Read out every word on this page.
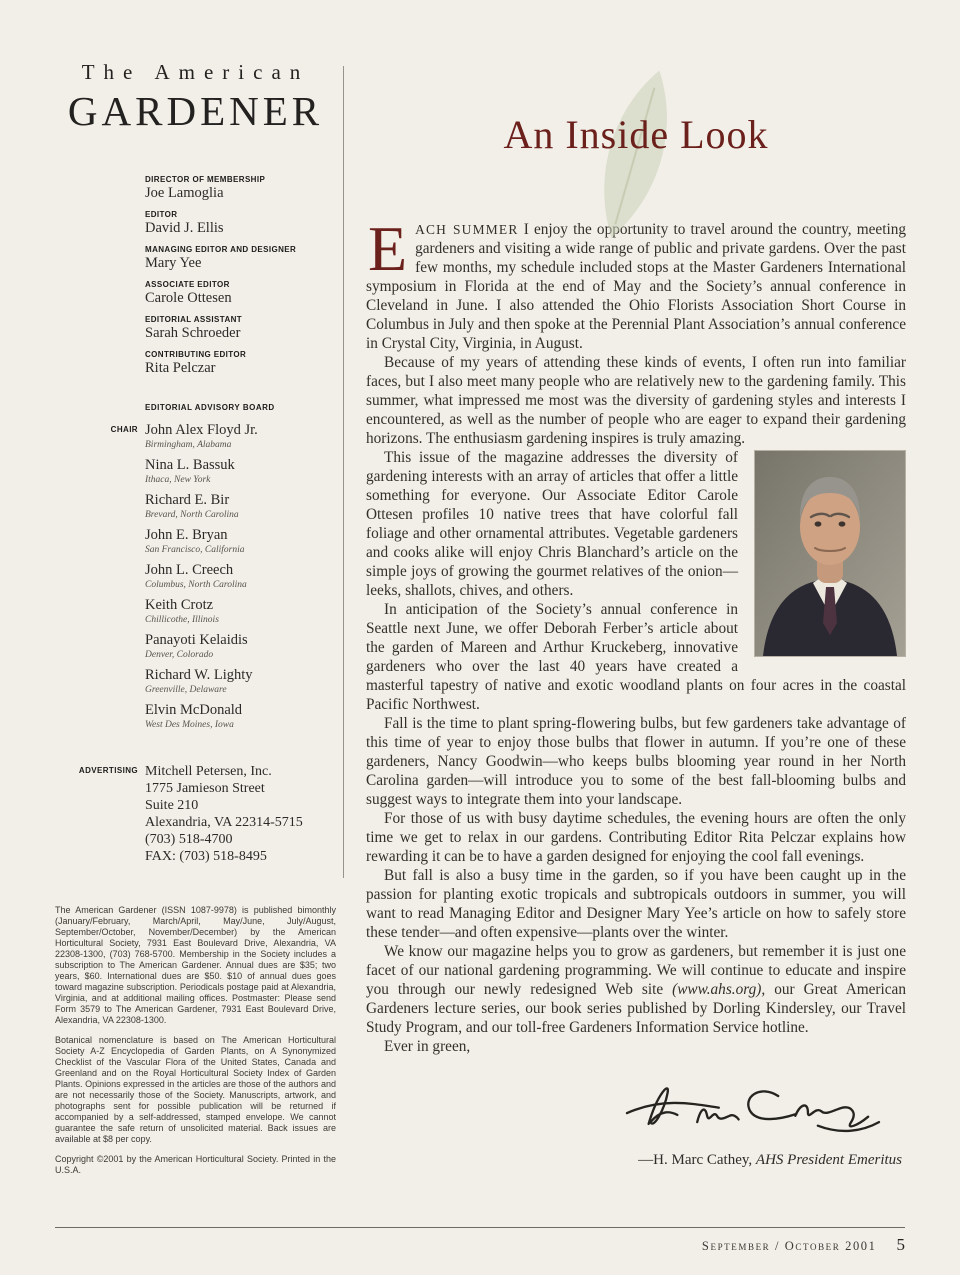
The American
GARDENER
DIRECTOR OF MEMBERSHIP
Joe Lamoglia
EDITOR
David J. Ellis
MANAGING EDITOR AND DESIGNER
Mary Yee
ASSOCIATE EDITOR
Carole Ottesen
EDITORIAL ASSISTANT
Sarah Schroeder
CONTRIBUTING EDITOR
Rita Pelczar
EDITORIAL ADVISORY BOARD
CHAIR John Alex Floyd Jr.
Birmingham, Alabama
Nina L. Bassuk
Ithaca, New York
Richard E. Bir
Brevard, North Carolina
John E. Bryan
San Francisco, California
John L. Creech
Columbus, North Carolina
Keith Crotz
Chillicothe, Illinois
Panayoti Kelaidis
Denver, Colorado
Richard W. Lighty
Greenville, Delaware
Elvin McDonald
West Des Moines, Iowa
ADVERTISING Mitchell Petersen, Inc.
1775 Jamieson Street
Suite 210
Alexandria, VA 22314-5715
(703) 518-4700
FAX: (703) 518-8495

The American Gardener (ISSN 1087-9978) is published bimonthly (January/February, March/April, May/June, July/August, September/October, November/December) by the American Horticultural Society, 7931 East Boulevard Drive, Alexandria, VA 22308-1300, (703) 768-5700. Membership in the Society includes a subscription to The American Gardener. Annual dues are $35; two years, $60. International dues are $50. $10 of annual dues goes toward magazine subscription. Periodicals postage paid at Alexandria, Virginia, and at additional mailing offices. Postmaster: Please send Form 3579 to The American Gardener, 7931 East Boulevard Drive, Alexandria, VA 22308-1300.

Botanical nomenclature is based on The American Horticultural Society A-Z Encyclopedia of Garden Plants, on A Synonymized Checklist of the Vascular Flora of the United States, Canada and Greenland and on the Royal Horticultural Society Index of Garden Plants. Opinions expressed in the articles are those of the authors and are not necessarily those of the Society. Manuscripts, artwork, and photographs sent for possible publication will be returned if accompanied by a self-addressed, stamped envelope. We cannot guarantee the safe return of unsolicited material. Back issues are available at $8 per copy.

Copyright ©2001 by the American Horticultural Society. Printed in the U.S.A.

An Inside Look

E ACH SUMMER I enjoy the opportunity to travel around the country, meeting gardeners and visiting a wide range of public and private gardens. Over the past few months, my schedule included stops at the Master Gardeners International symposium in Florida at the end of May and the Society’s annual conference in Cleveland in June. I also attended the Ohio Florists Association Short Course in Columbus in July and then spoke at the Perennial Plant Association’s annual conference in Crystal City, Virginia, in August.

Because of my years of attending these kinds of events, I often run into familiar faces, but I also meet many people who are relatively new to the gardening family. This summer, what impressed me most was the diversity of gardening styles and interests I encountered, as well as the number of people who are eager to expand their gardening horizons. The enthusiasm gardening inspires is truly amazing.

This issue of the magazine addresses the diversity of gardening interests with an array of articles that offer a little something for everyone. Our Associate Editor Carole Ottesen profiles 10 native trees that have colorful fall foliage and other ornamental attributes. Vegetable gardeners and cooks alike will enjoy Chris Blanchard’s article on the simple joys of growing the gourmet relatives of the onion—leeks, shallots, chives, and others.

In anticipation of the Society’s annual conference in Seattle next June, we offer Deborah Ferber’s article about the garden of Mareen and Arthur Kruckeberg, innovative gardeners who over the last 40 years have created a masterful tapestry of native and exotic woodland plants on four acres in the coastal Pacific Northwest.

Fall is the time to plant spring-flowering bulbs, but few gardeners take advantage of this time of year to enjoy those bulbs that flower in autumn. If you’re one of these gardeners, Nancy Goodwin—who keeps bulbs blooming year round in her North Carolina garden—will introduce you to some of the best fall-blooming bulbs and suggest ways to integrate them into your landscape.

For those of us with busy daytime schedules, the evening hours are often the only time we get to relax in our gardens. Contributing Editor Rita Pelczar explains how rewarding it can be to have a garden designed for enjoying the cool fall evenings.

But fall is also a busy time in the garden, so if you have been caught up in the passion for planting exotic tropicals and subtropicals outdoors in summer, you will want to read Managing Editor and Designer Mary Yee’s article on how to safely store these tender—and often expensive—plants over the winter.

We know our magazine helps you to grow as gardeners, but remember it is just one facet of our national gardening programming. We will continue to educate and inspire you through our newly redesigned Web site (www.ahs.org), our Great American Gardeners lecture series, our book series published by Dorling Kindersley, our Travel Study Program, and our toll-free Gardeners Information Service hotline.

Ever in green,

—H. Marc Cathey, AHS President Emeritus
September / October 2001 5
